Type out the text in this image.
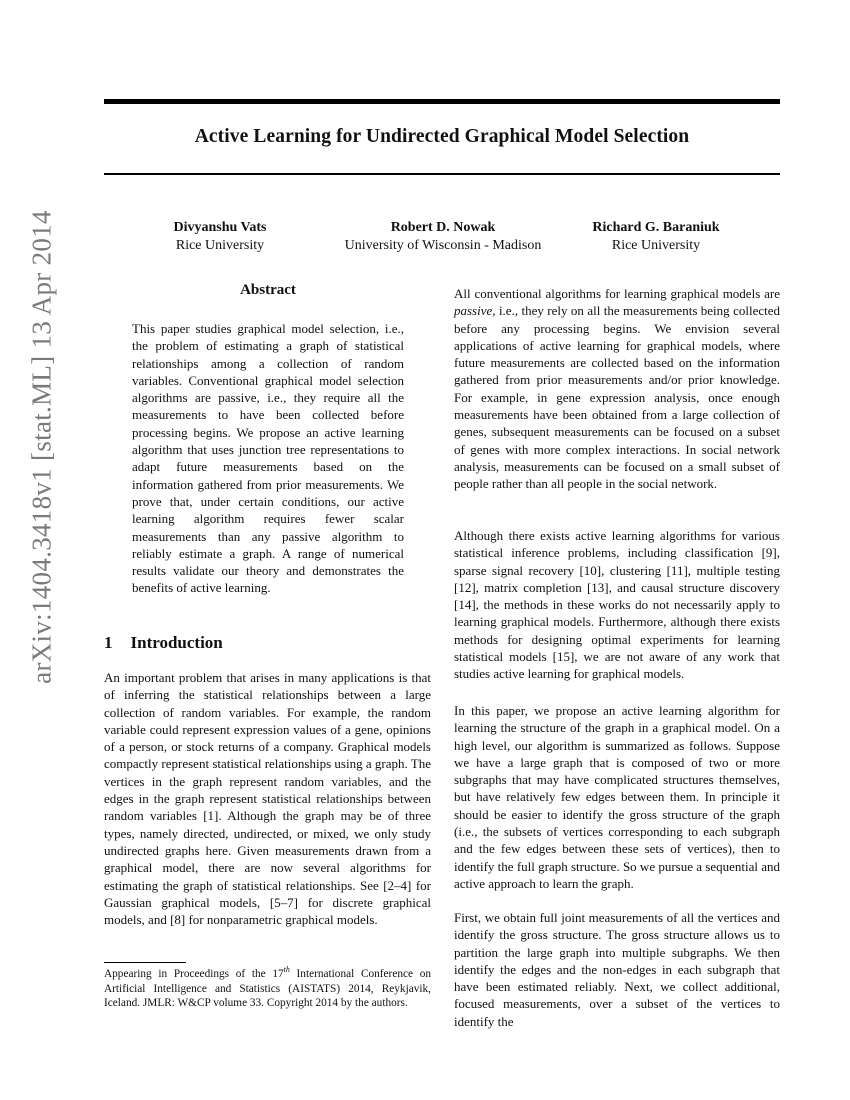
Active Learning for Undirected Graphical Model Selection
Divyanshu Vats
Rice University
Robert D. Nowak
University of Wisconsin - Madison
Richard G. Baraniuk
Rice University
arXiv:1404.3418v1 [stat.ML] 13 Apr 2014	Abstract

This paper studies graphical model selection, i.e., the problem of estimating a graph of statistical relationships among a collection of random variables. Conventional graphical model selection algorithms are passive, i.e., they require all the measurements to have been collected before processing begins. We propose an active learning algorithm that uses junction tree representations to adapt future measurements based on the information gathered from prior measurements. We prove that, under certain conditions, our active learning algorithm requires fewer scalar measurements than any passive algorithm to reliably estimate a graph. A range of numerical results validate our theory and demonstrates the benefits of active learning.

1 Introduction

An important problem that arises in many applications is that of inferring the statistical relationships between a large collection of random variables. For example, the random variable could represent expression values of a gene, opinions of a person, or stock returns of a company. Graphical models compactly represent statistical relationships using a graph. The vertices in the graph represent random variables, and the edges in the graph represent statistical relationships between random variables [1]. Although the graph may be of three types, namely directed, undirected, or mixed, we only study undirected graphs here. Given measurements drawn from a graphical model, there are now several algorithms for estimating the graph of statistical relationships. See [2–4] for Gaussian graphical models, [5–7] for discrete graphical models, and [8] for nonparametric graphical models.

Appearing in Proceedings of the 17th International Conference on Artificial Intelligence and Statistics (AISTATS) 2014, Reykjavik, Iceland. JMLR: W&CP volume 33. Copyright 2014 by the authors.

All conventional algorithms for learning graphical models are passive, i.e., they rely on all the measurements being collected before any processing begins. We envision several applications of active learning for graphical models, where future measurements are collected based on the information gathered from prior measurements and/or prior knowledge. For example, in gene expression analysis, once enough measurements have been obtained from a large collection of genes, subsequent measurements can be focused on a subset of genes with more complex interactions. In social network analysis, measurements can be focused on a small subset of people rather than all people in the social network.

Although there exists active learning algorithms for various statistical inference problems, including classification [9], sparse signal recovery [10], clustering [11], multiple testing [12], matrix completion [13], and causal structure discovery [14], the methods in these works do not necessarily apply to learning graphical models. Furthermore, although there exists methods for designing optimal experiments for learning statistical models [15], we are not aware of any work that studies active learning for graphical models.

In this paper, we propose an active learning algorithm for learning the structure of the graph in a graphical model. On a high level, our algorithm is summarized as follows. Suppose we have a large graph that is composed of two or more subgraphs that may have complicated structures themselves, but have relatively few edges between them. In principle it should be easier to identify the gross structure of the graph (i.e., the subsets of vertices corresponding to each subgraph and the few edges between these sets of vertices), then to identify the full graph structure. So we pursue a sequential and active approach to learn the graph.

First, we obtain full joint measurements of all the vertices and identify the gross structure. The gross structure allows us to partition the large graph into multiple subgraphs. We then identify the edges and the non-edges in each subgraph that have been estimated reliably. Next, we collect additional, focused measurements, over a subset of the vertices to identify the
